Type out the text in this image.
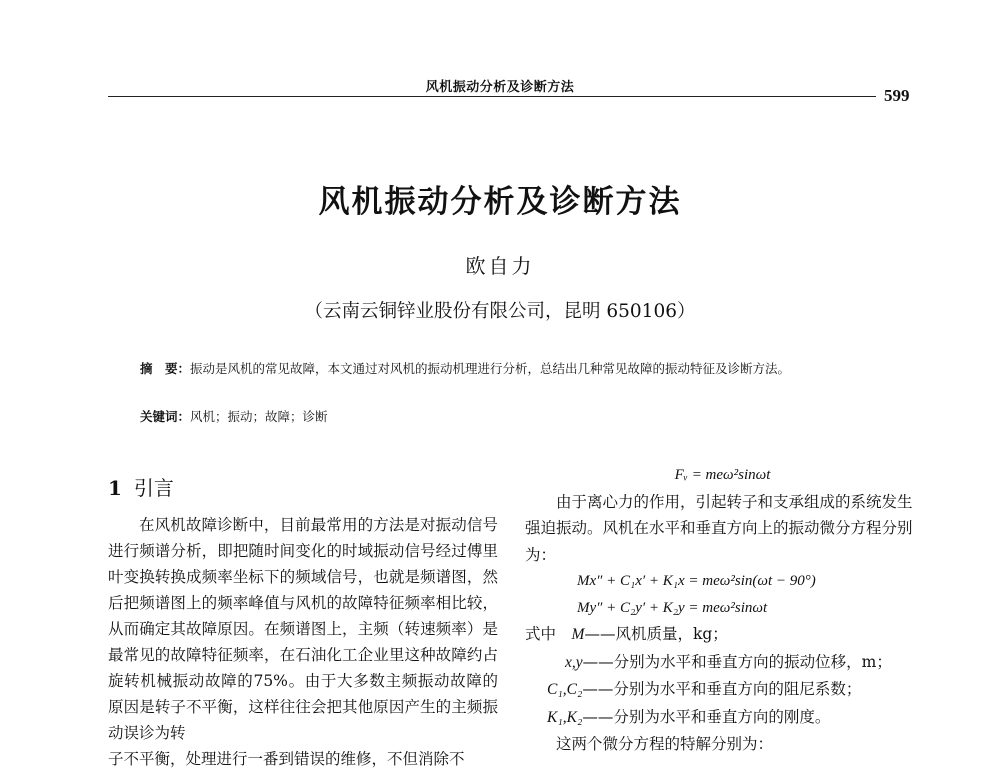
风机振动分析及诊断方法	599
风机振动分析及诊断方法
欧自力
（云南云铜锌业股份有限公司，昆明 650106）
摘　要：振动是风机的常见故障，本文通过对风机的振动机理进行分析，总结出几种常见故障的振动特征及诊断方法。
关键词：风机；振动；故障；诊断
1 引言

在风机故障诊断中，目前最常用的方法是对振动信号进行频谱分析，即把随时间变化的时域振动信号经过傅里叶变换转换成频率坐标下的频域信号，也就是频谱图，然后把频谱图上的频率峰值与风机的故障特征频率相比较，从而确定其故障原因。在频谱图上，主频（转速频率）是最常见的故障特征频率，在石油化工企业里这种故障约占旋转机械振动故障的75%。由于大多数主频振动故障的原因是转子不平衡，这样往往会把其他原因产生的主频振动误诊为转

子不平衡，处理进行一番到错误的维修，不但消除不
Fᵥ = meω²sinωt
由于离心力的作用，引起转子和支承组成的系统发生强迫振动。风机在水平和垂直方向上的振动微分方程分别为：
Mx″ + C₁x′ + K₁x = meω²sin(ωt − 90°)
My″ + C₂y′ + K₂y = meω²sinωt
式中　 M——风机质量，kg；
x,y——分别为水平和垂直方向的振动位移，m；
C₁,C₂——分别为水平和垂直方向的阻尼系数；
K₁,K₂——分别为水平和垂直方向的刚度。
这两个微分方程的特解分别为：
